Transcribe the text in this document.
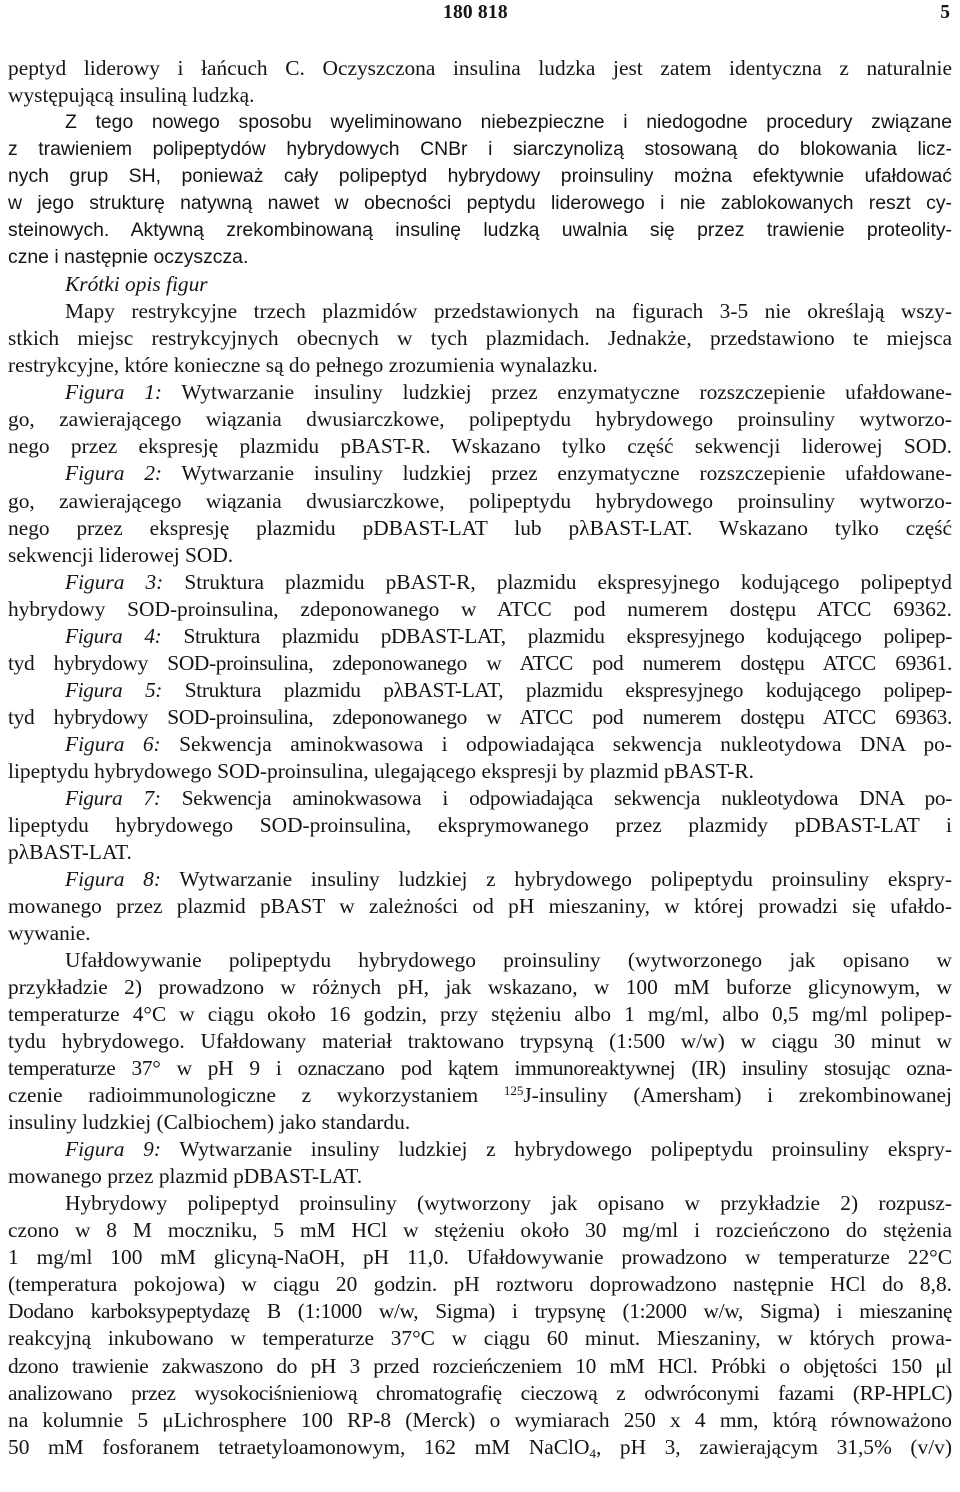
180 818	5
peptyd liderowy i łańcuch C. Oczyszczona insulina ludzka jest zatem identyczna z naturalnie
występującą insuliną ludzką.
Z tego nowego sposobu wyeliminowano niebezpieczne i niedogodne procedury związane
z trawieniem polipeptydów hybrydowych CNBr i siarczynolizą stosowaną do blokowania licz-
nych grup SH, ponieważ cały polipeptyd hybrydowy proinsuliny można efektywnie ufałdować
w jego strukturę natywną nawet w obecności peptydu liderowego i nie zablokowanych reszt cy-
steinowych. Aktywną zrekombinowaną insulinę ludzką uwalnia się przez trawienie proteolity-
czne i następnie oczyszcza.
Krótki opis figur
Mapy restrykcyjne trzech plazmidów przedstawionych na figurach 3-5 nie określają wszy-
stkich miejsc restrykcyjnych obecnych w tych plazmidach. Jednakże, przedstawiono te miejsca
restrykcyjne, które konieczne są do pełnego zrozumienia wynalazku.
Figura 1: Wytwarzanie insuliny ludzkiej przez enzymatyczne rozszczepienie ufałdowane-
go, zawierającego wiązania dwusiarczkowe, polipeptydu hybrydowego proinsuliny wytworzo-
nego przez ekspresję plazmidu pBAST-R. Wskazano tylko część sekwencji liderowej SOD.
Figura 2: Wytwarzanie insuliny ludzkiej przez enzymatyczne rozszczepienie ufałdowane-
go, zawierającego wiązania dwusiarczkowe, polipeptydu hybrydowego proinsuliny wytworzo-
nego przez ekspresję plazmidu pDBAST-LAT lub pλBAST-LAT. Wskazano tylko część
sekwencji liderowej SOD.
Figura 3: Struktura plazmidu pBAST-R, plazmidu ekspresyjnego kodującego polipeptyd
hybrydowy SOD-proinsulina, zdeponowanego w ATCC pod numerem dostępu ATCC 69362.
Figura 4: Struktura plazmidu pDBAST-LAT, plazmidu ekspresyjnego kodującego polipep-
tyd hybrydowy SOD-proinsulina, zdeponowanego w ATCC pod numerem dostępu ATCC 69361.
Figura 5: Struktura plazmidu pλBAST-LAT, plazmidu ekspresyjnego kodującego polipep-
tyd hybrydowy SOD-proinsulina, zdeponowanego w ATCC pod numerem dostępu ATCC 69363.
Figura 6: Sekwencja aminokwasowa i odpowiadająca sekwencja nukleotydowa DNA po-
lipeptydu hybrydowego SOD-proinsulina, ulegającego ekspresji by plazmid pBAST-R.
Figura 7: Sekwencja aminokwasowa i odpowiadająca sekwencja nukleotydowa DNA po-
lipeptydu hybrydowego SOD-proinsulina, eksprymowanego przez plazmidy pDBAST-LAT i
pλBAST-LAT.
Figura 8: Wytwarzanie insuliny ludzkiej z hybrydowego polipeptydu proinsuliny ekspry-
mowanego przez plazmid pBAST w zależności od pH mieszaniny, w której prowadzi się ufałdo-
wywanie.
Ufałdowywanie polipeptydu hybrydowego proinsuliny (wytworzonego jak opisano w
przykładzie 2) prowadzono w różnych pH, jak wskazano, w 100 mM buforze glicynowym, w
temperaturze 4°C w ciągu około 16 godzin, przy stężeniu albo 1 mg/ml, albo 0,5 mg/ml polipep-
tydu hybrydowego. Ufałdowany materiał traktowano trypsyną (1:500 w/w) w ciągu 30 minut w
temperaturze 37° w pH 9 i oznaczano pod kątem immunoreaktywnej (IR) insuliny stosując ozna-
czenie radioimmunologiczne z wykorzystaniem $^{125}$J-insuliny (Amersham) i zrekombinowanej
insuliny ludzkiej (Calbiochem) jako standardu.
Figura 9: Wytwarzanie insuliny ludzkiej z hybrydowego polipeptydu proinsuliny ekspry-
mowanego przez plazmid pDBAST-LAT.
Hybrydowy polipeptyd proinsuliny (wytworzony jak opisano w przykładzie 2) rozpusz-
czono w 8 M moczniku, 5 mM HCl w stężeniu około 30 mg/ml i rozcieńczono do stężenia
1 mg/ml 100 mM glicyną-NaOH, pH 11,0. Ufałdowywanie prowadzono w temperaturze 22°C
(temperatura pokojowa) w ciągu 20 godzin. pH roztworu doprowadzono następnie HCl do 8,8.
Dodano karboksypeptydazę B (1:1000 w/w, Sigma) i trypsynę (1:2000 w/w, Sigma) i mieszaninę
reakcyjną inkubowano w temperaturze 37°C w ciągu 60 minut. Mieszaniny, w których prowa-
dzono trawienie zakwaszono do pH 3 przed rozcieńczeniem 10 mM HCl. Próbki o objętości 150 μl
analizowano przez wysokociśnieniową chromatografię cieczową z odwróconymi fazami (RP-HPLC)
na kolumnie 5 μLichrosphere 100 RP-8 (Merck) o wymiarach 250 x 4 mm, którą równoważono
50 mM fosforanem tetraetyloamonowym, 162 mM NaClO$_4$, pH 3, zawierającym 31,5% (v/v)
